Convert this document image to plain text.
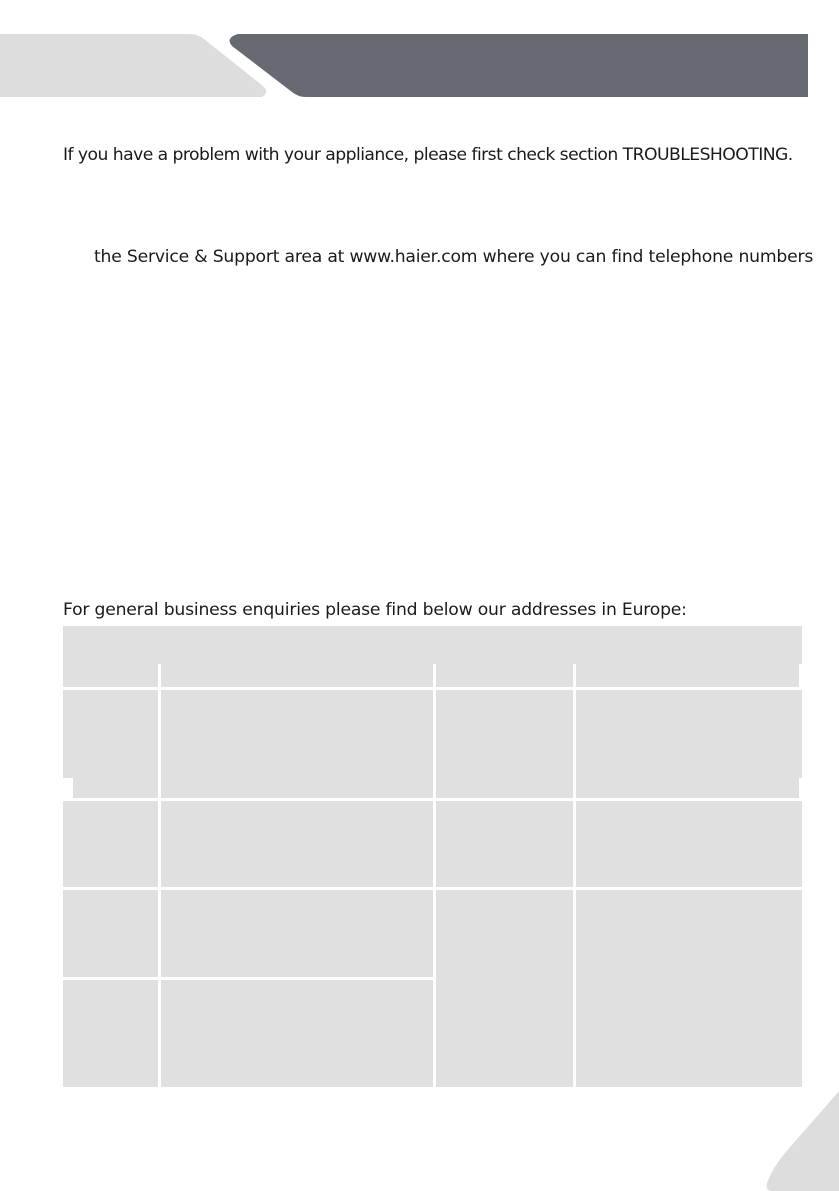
If you have a problem with your appliance, please first check section TROUBLESHOOTING.

the Service & Support area at www.haier.com where you can find telephone numbers

For general business enquiries please find below our addresses in Europe:
